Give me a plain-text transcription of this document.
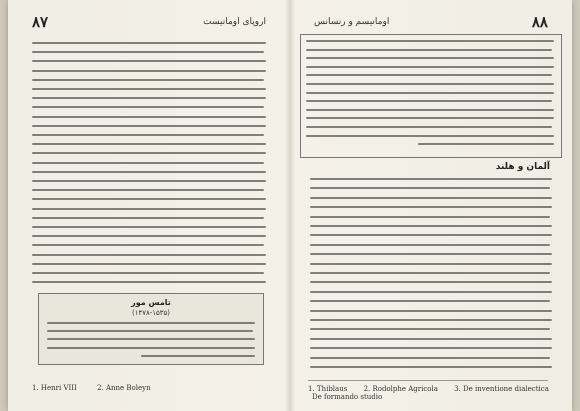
۸۷	اروپای اومانیست
تامس مور
(۱۴۷۸-۱۵۳۵)
1. Henri VIII	2. Anne Boleyn
اومانیسم و رنسانس	۸۸
آلمان و هلند
1. Thiblaus 2. Rodolphe Agricola 3. De inventione dialectica
De formando studio
